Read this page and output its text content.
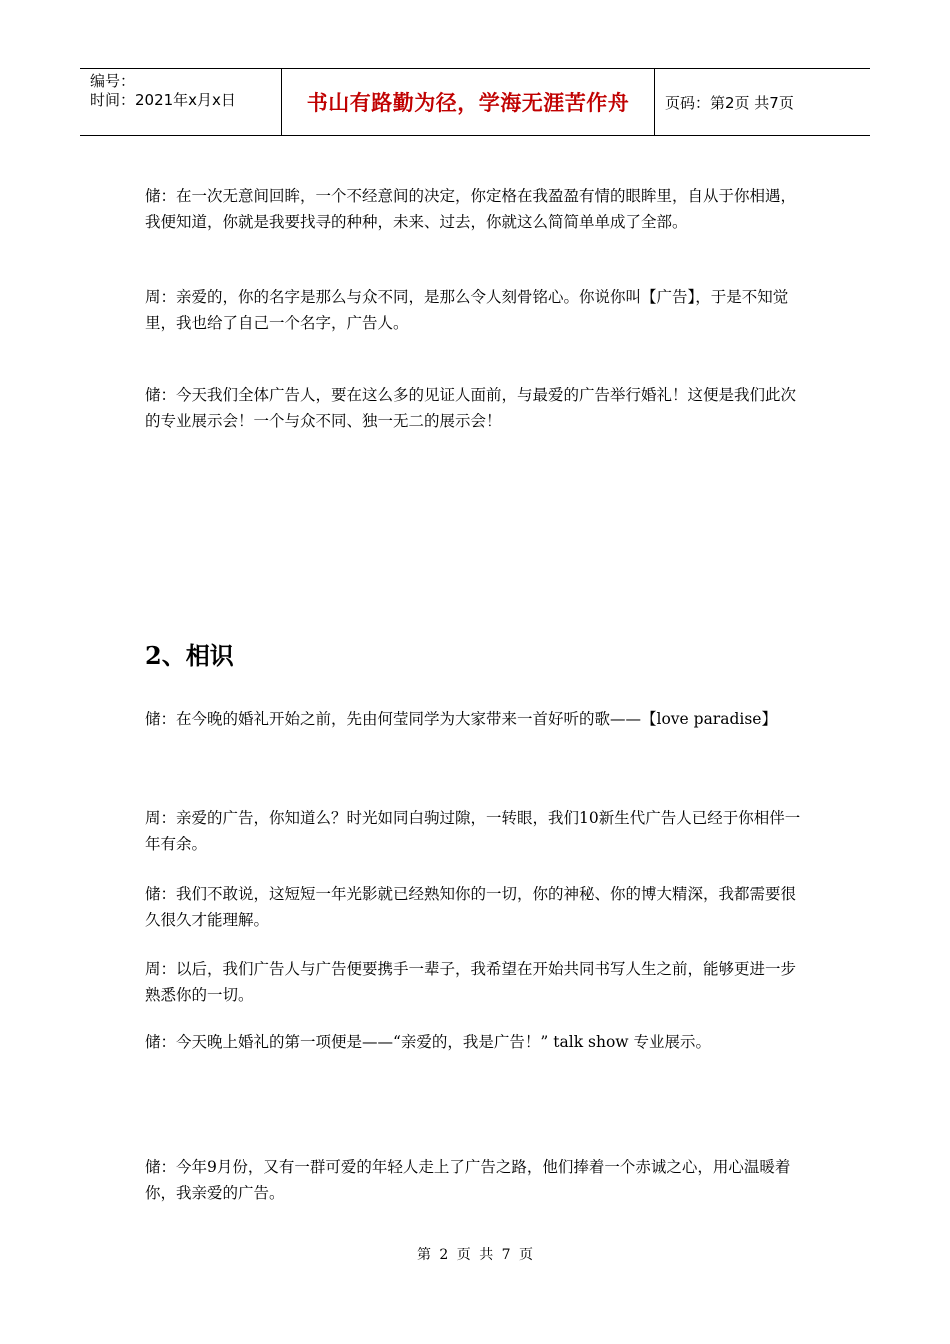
编号：
时间：2021年x月x日	书山有路勤为径，学海无涯苦作舟 页码：第2页 共7页

储：在一次无意间回眸，一个不经意间的决定，你定格在我盈盈有情的眼眸里，自从于你相遇，我便知道，你就是我要找寻的种种，未来、过去，你就这么简简单单成了全部。

周：亲爱的，你的名字是那么与众不同，是那么令人刻骨铭心。你说你叫【广告】，于是不知觉里，我也给了自己一个名字，广告人。

储：今天我们全体广告人，要在这么多的见证人面前，与最爱的广告举行婚礼！这便是我们此次的专业展示会！一个与众不同、独一无二的展示会！

2、相识

储：在今晚的婚礼开始之前，先由何莹同学为大家带来一首好听的歌——【love paradise】

周：亲爱的广告，你知道么？时光如同白驹过隙，一转眼，我们10新生代广告人已经于你相伴一年有余。

储：我们不敢说，这短短一年光影就已经熟知你的一切，你的神秘、你的博大精深，我都需要很久很久才能理解。

周：以后，我们广告人与广告便要携手一辈子，我希望在开始共同书写人生之前，能够更进一步熟悉你的一切。

储：今天晚上婚礼的第一项便是——“亲爱的，我是广告！” talk show 专业展示。

储：今年9月份，又有一群可爱的年轻人走上了广告之路，他们捧着一个赤诚之心，用心温暖着你，我亲爱的广告。

第 2 页 共 7 页
